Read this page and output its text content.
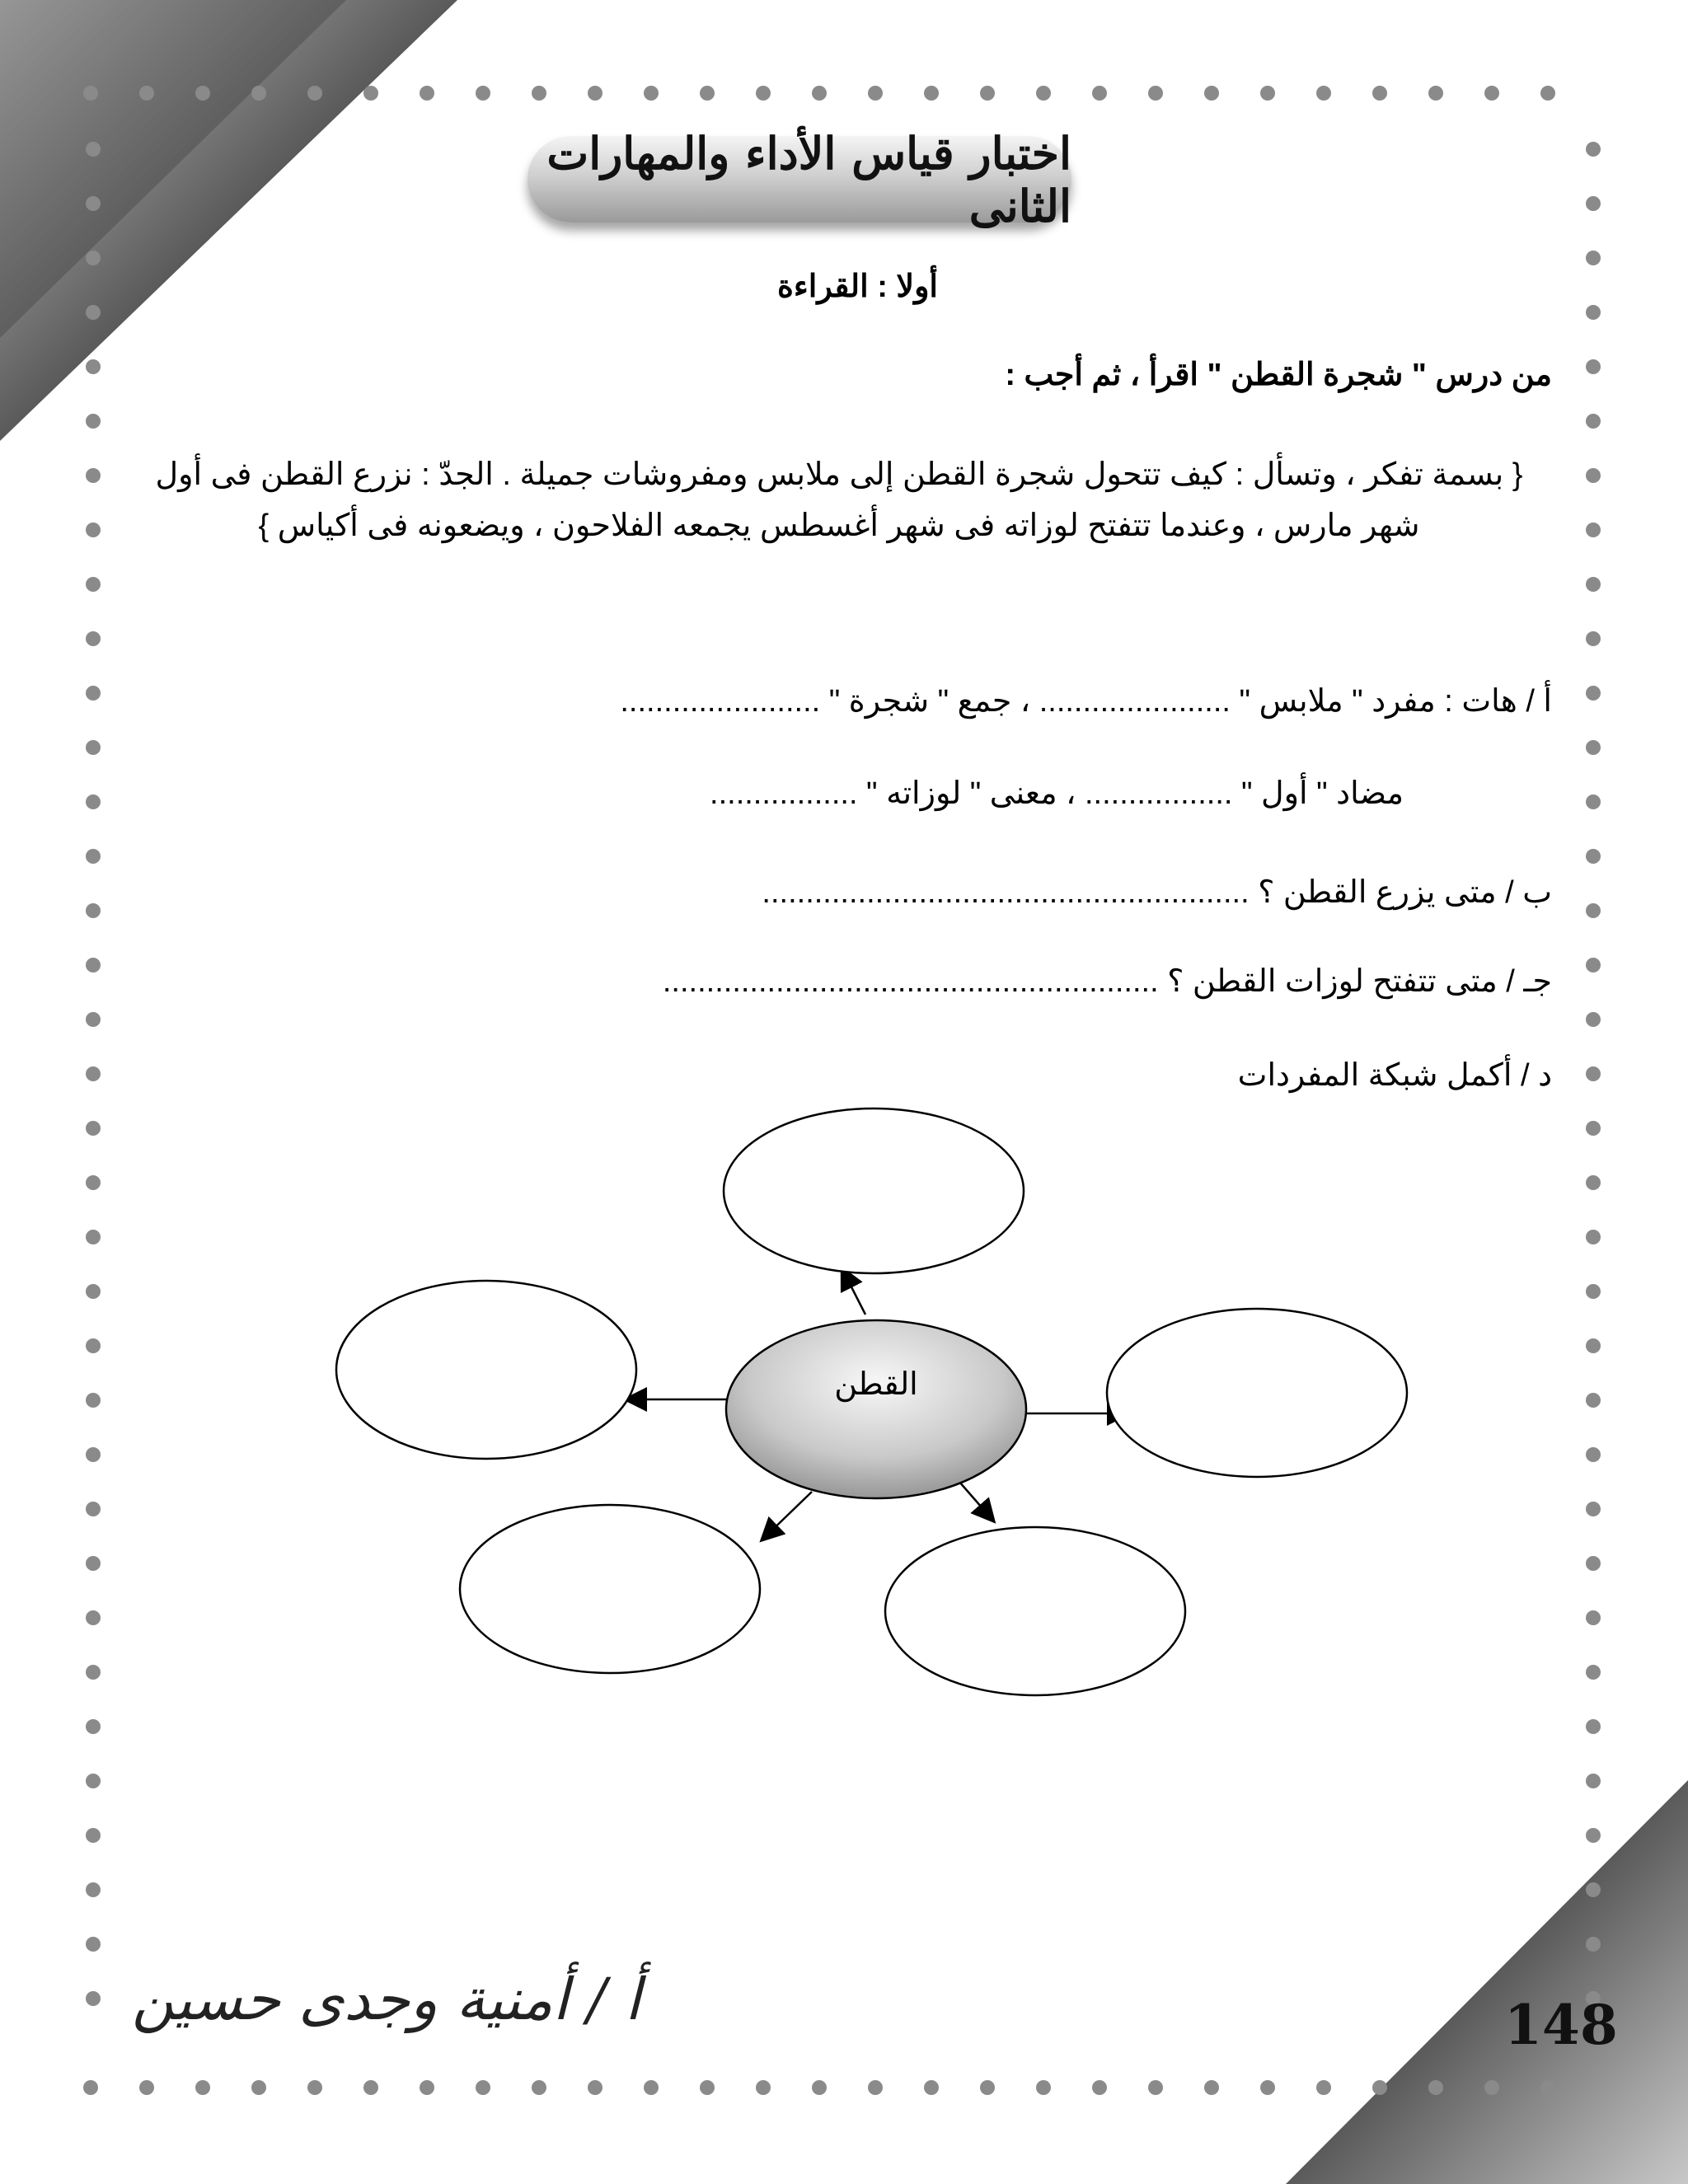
اختبار قياس الأداء والمهارات الثانى
أولا : القراءة
من درس " شجرة القطن " اقرأ ، ثم أجب :
{ بسمة تفكر ، وتسأل : كيف تتحول شجرة القطن إلى ملابس ومفروشات جميلة . الجدّ : نزرع القطن فى أول شهر مارس ، وعندما تتفتح لوزاته فى شهر أغسطس يجمعه الفلاحون ، ويضعونه فى أكياس }
أ / هات : مفرد " ملابس " ...................... ، جمع " شجرة " .......................
مضاد " أول " ................. ، معنى " لوزاته " .................
ب / متى يزرع القطن ؟ ........................................................
جـ / متى تتفتح لوزات القطن ؟ .........................................................
د / أكمل شبكة المفردات
القطن
أ / أمنية وجدى حسين	148
